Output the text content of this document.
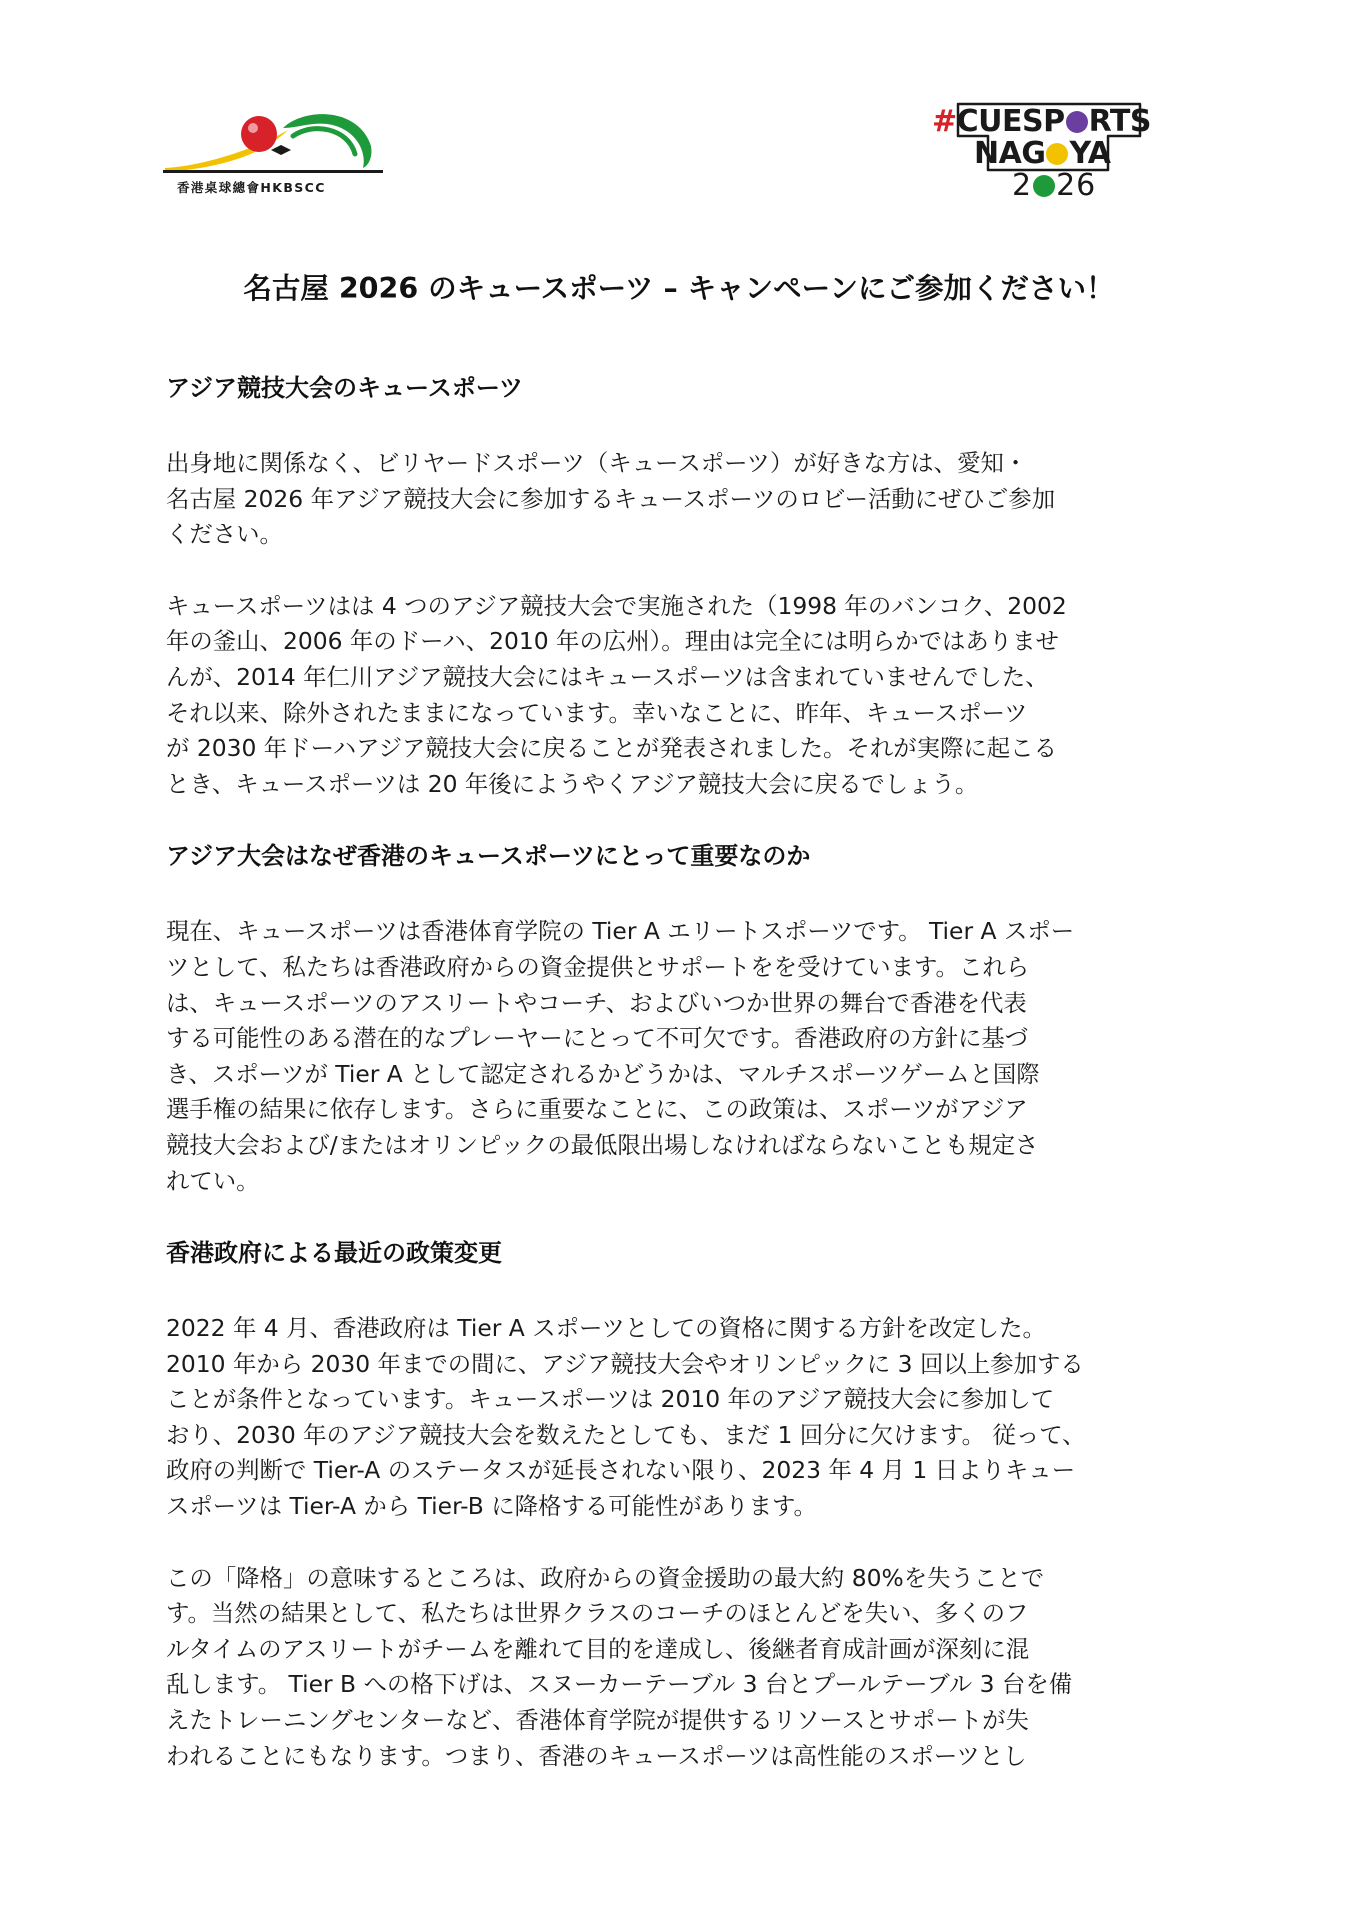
香港桌球總會HKBSCC
#CUESP RTS
NAG YA
2 26
名古屋 2026 のキュースポーツ – キャンペーンにご参加ください！
アジア競技大会のキュースポーツ

出身地に関係なく、ビリヤードスポーツ（キュースポーツ）が好きな方は、愛知・
名古屋 2026 年アジア競技大会に参加するキュースポーツのロビー活動にぜひご参加
ください。

キュースポーツはは 4 つのアジア競技大会で実施された（1998 年のバンコク、2002
年の釜山、2006 年のドーハ、2010 年の広州）。理由は完全には明らかではありませ
んが、2014 年仁川アジア競技大会にはキュースポーツは含まれていませんでした、
それ以来、除外されたままになっています。幸いなことに、昨年、キュースポーツ
が 2030 年ドーハアジア競技大会に戻ることが発表されました。それが実際に起こる
とき、キュースポーツは 20 年後にようやくアジア競技大会に戻るでしょう。

アジア大会はなぜ香港のキュースポーツにとって重要なのか

現在、キュースポーツは香港体育学院の Tier A エリートスポーツです。 Tier A スポー
ツとして、私たちは香港政府からの資金提供とサポートをを受けています。これら
は、キュースポーツのアスリートやコーチ、およびいつか世界の舞台で香港を代表
する可能性のある潜在的なプレーヤーにとって不可欠です。香港政府の方針に基づ
き、スポーツが Tier A として認定されるかどうかは、マルチスポーツゲームと国際
選手権の結果に依存します。さらに重要なことに、この政策は、スポーツがアジア
競技大会および/またはオリンピックの最低限出場しなければならないことも規定さ
れてい。

香港政府による最近の政策変更

2022 年 4 月、香港政府は Tier A スポーツとしての資格に関する方針を改定した。
2010 年から 2030 年までの間に、アジア競技大会やオリンピックに 3 回以上参加する
ことが条件となっています。キュースポーツは 2010 年のアジア競技大会に参加して
おり、2030 年のアジア競技大会を数えたとしても、まだ 1 回分に欠けます。 従って、
政府の判断で Tier-A のステータスが延長されない限り、2023 年 4 月 1 日よりキュー
スポーツは Tier-A から Tier-B に降格する可能性があります。

この「降格」の意味するところは、政府からの資金援助の最大約 80%を失うことで
す。当然の結果として、私たちは世界クラスのコーチのほとんどを失い、多くのフ
ルタイムのアスリートがチームを離れて目的を達成し、後継者育成計画が深刻に混
乱します。 Tier B への格下げは、スヌーカーテーブル 3 台とプールテーブル 3 台を備
えたトレーニングセンターなど、香港体育学院が提供するリソースとサポートが失
われることにもなります。つまり、香港のキュースポーツは高性能のスポーツとし
